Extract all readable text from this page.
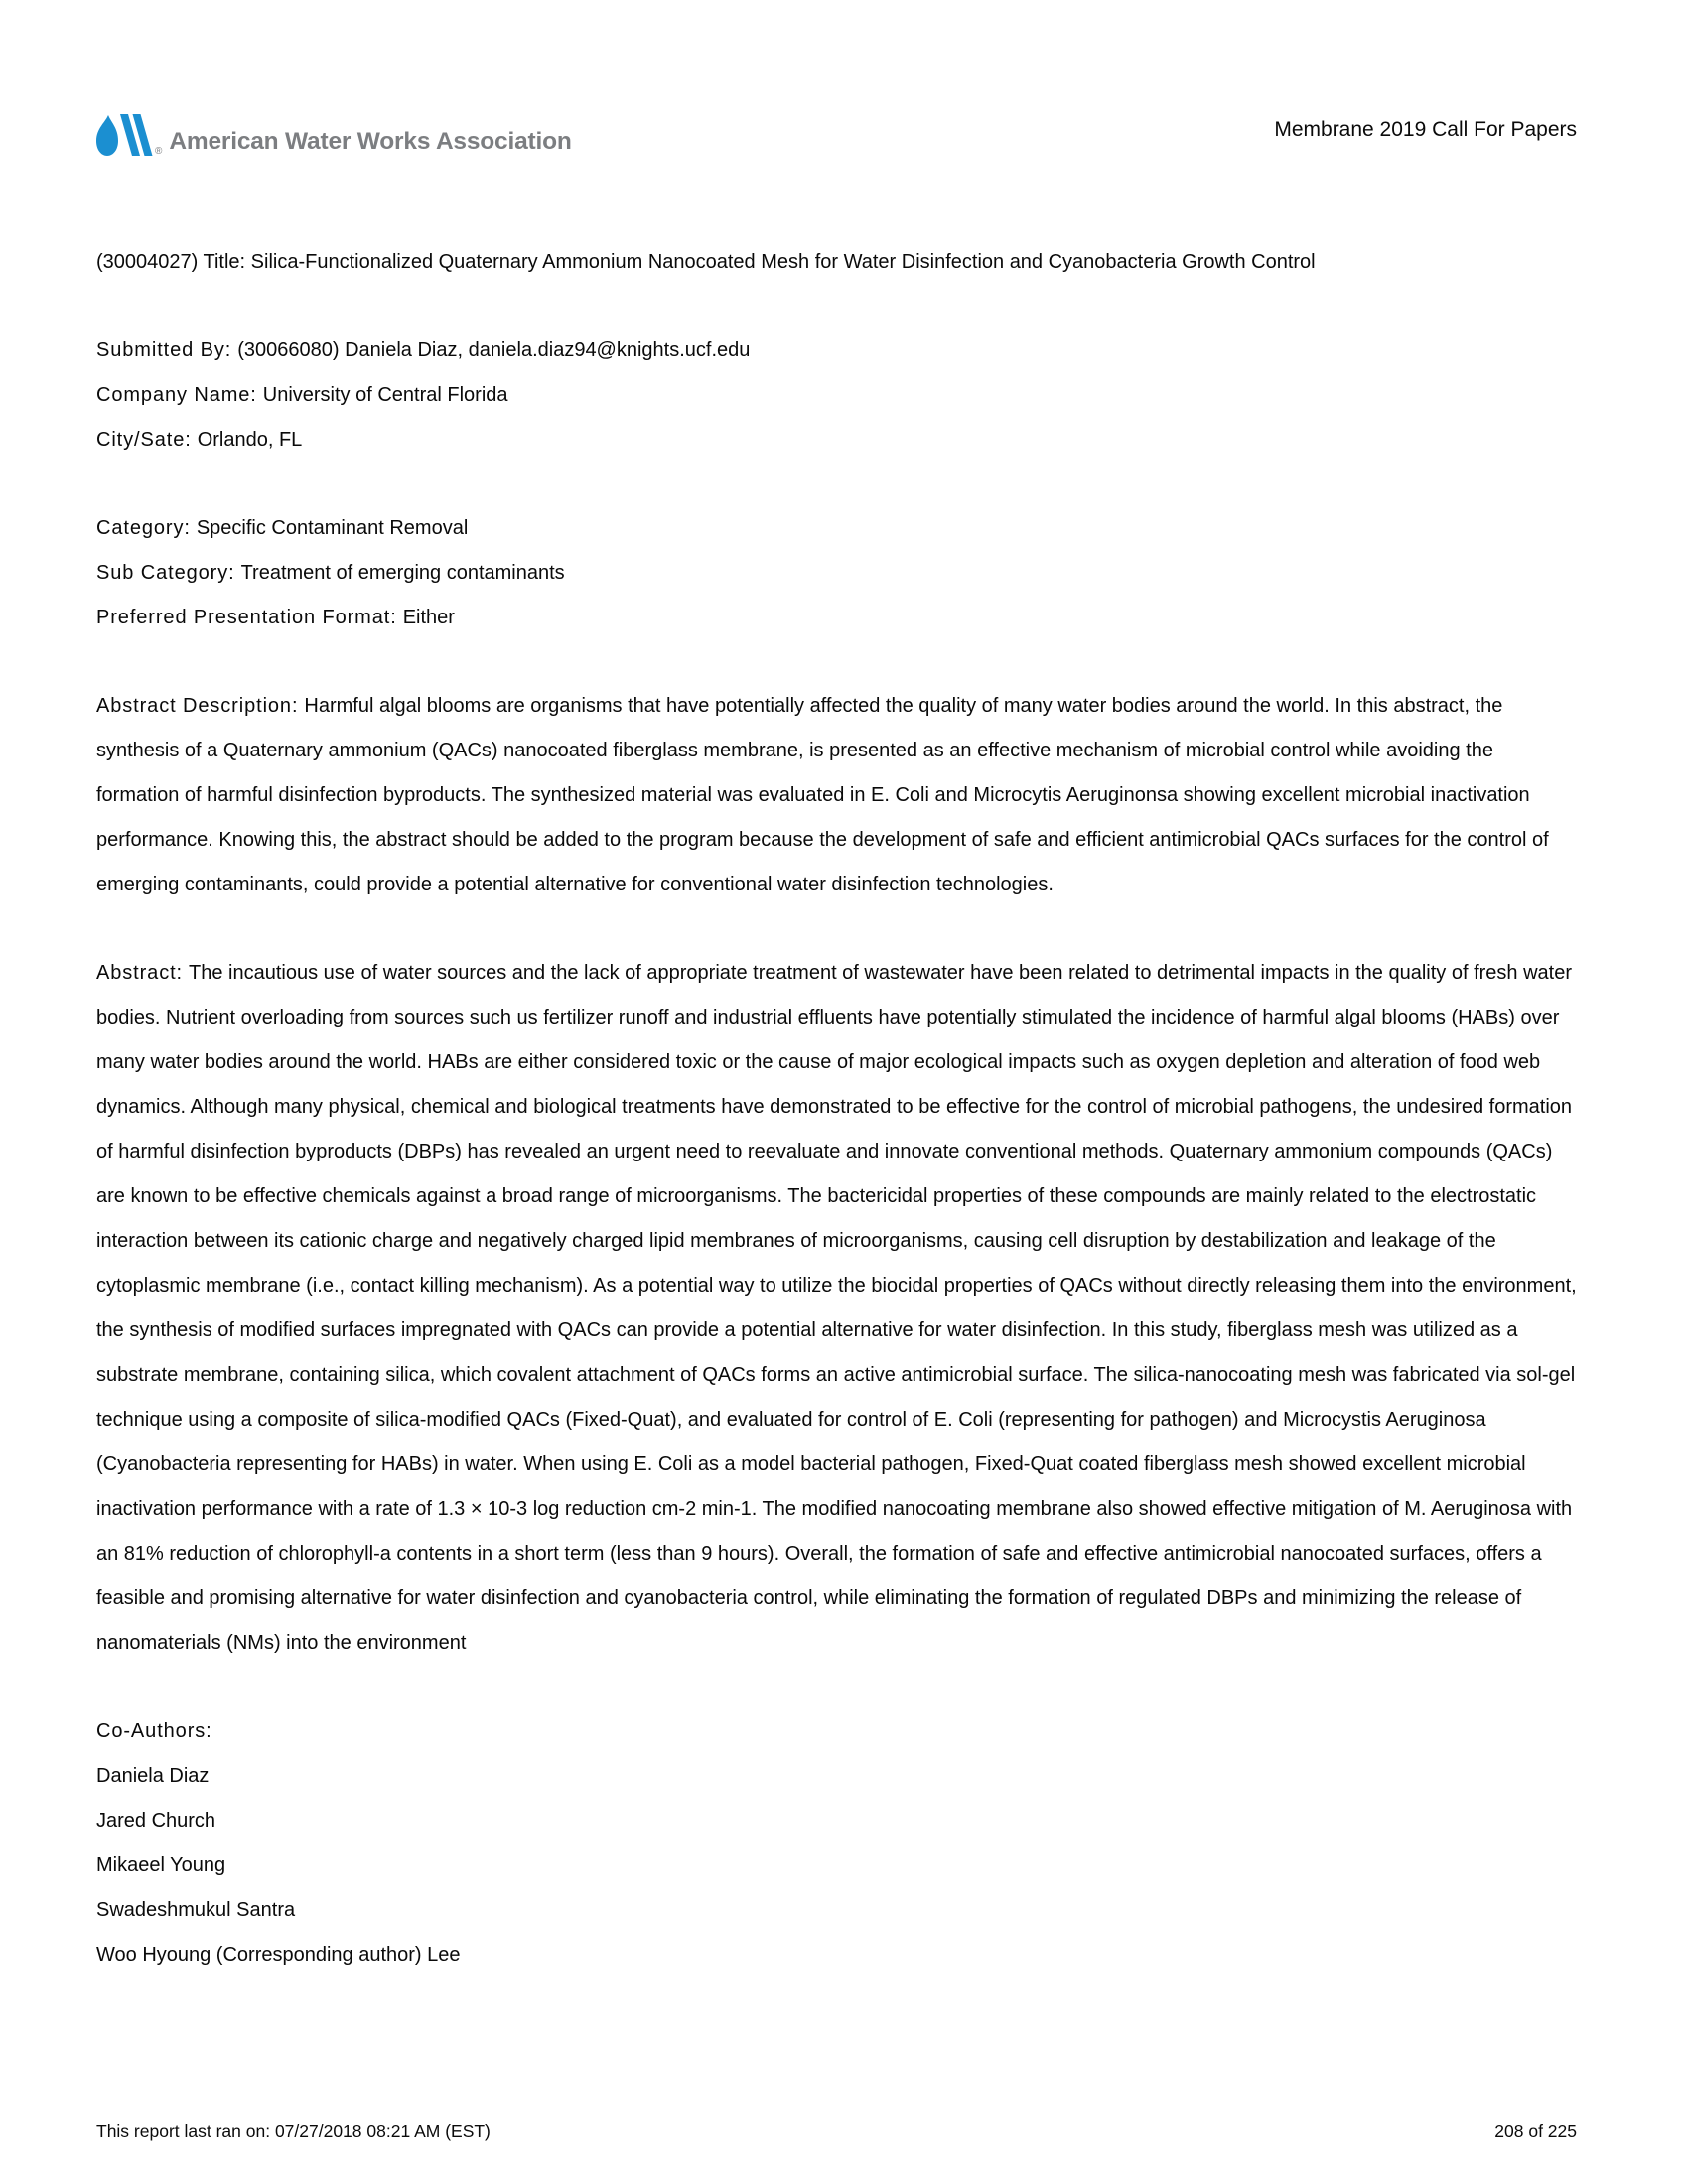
® American Water Works Association	Membrane 2019 Call For Papers
(30004027) Title: Silica-Functionalized Quaternary Ammonium Nanocoated Mesh for Water Disinfection and Cyanobacteria Growth Control
Submitted By: (30066080) Daniela Diaz, daniela.diaz94@knights.ucf.edu
Company Name: University of Central Florida
City/Sate: Orlando, FL
Category: Specific Contaminant Removal
Sub Category: Treatment of emerging contaminants
Preferred Presentation Format: Either
Abstract Description: Harmful algal blooms are organisms that have potentially affected the quality of many water bodies around the world. In this abstract, the synthesis of a Quaternary ammonium (QACs) nanocoated fiberglass membrane, is presented as an effective mechanism of microbial control while avoiding the formation of harmful disinfection byproducts. The synthesized material was evaluated in E. Coli and Microcytis Aeruginonsa showing excellent microbial inactivation performance. Knowing this, the abstract should be added to the program because the development of safe and efficient antimicrobial QACs surfaces for the control of emerging contaminants, could provide a potential alternative for conventional water disinfection technologies.
Abstract: The incautious use of water sources and the lack of appropriate treatment of wastewater have been related to detrimental impacts in the quality of fresh water bodies. Nutrient overloading from sources such us fertilizer runoff and industrial effluents have potentially stimulated the incidence of harmful algal blooms (HABs) over many water bodies around the world. HABs are either considered toxic or the cause of major ecological impacts such as oxygen depletion and alteration of food web dynamics. Although many physical, chemical and biological treatments have demonstrated to be effective for the control of microbial pathogens, the undesired formation of harmful disinfection byproducts (DBPs) has revealed an urgent need to reevaluate and innovate conventional methods. Quaternary ammonium compounds (QACs) are known to be effective chemicals against a broad range of microorganisms. The bactericidal properties of these compounds are mainly related to the electrostatic interaction between its cationic charge and negatively charged lipid membranes of microorganisms, causing cell disruption by destabilization and leakage of the cytoplasmic membrane (i.e., contact killing mechanism). As a potential way to utilize the biocidal properties of QACs without directly releasing them into the environment, the synthesis of modified surfaces impregnated with QACs can provide a potential alternative for water disinfection. In this study, fiberglass mesh was utilized as a substrate membrane, containing silica, which covalent attachment of QACs forms an active antimicrobial surface. The silica-nanocoating mesh was fabricated via sol-gel technique using a composite of silica-modified QACs (Fixed-Quat), and evaluated for control of E. Coli (representing for pathogen) and Microcystis Aeruginosa (Cyanobacteria representing for HABs) in water. When using E. Coli as a model bacterial pathogen, Fixed-Quat coated fiberglass mesh showed excellent microbial inactivation performance with a rate of 1.3 × 10-3 log reduction cm-2 min-1. The modified nanocoating membrane also showed effective mitigation of M. Aeruginosa with an 81% reduction of chlorophyll-a contents in a short term (less than 9 hours). Overall, the formation of safe and effective antimicrobial nanocoated surfaces, offers a feasible and promising alternative for water disinfection and cyanobacteria control, while eliminating the formation of regulated DBPs and minimizing the release of nanomaterials (NMs) into the environment
Co-Authors:
Daniela Diaz
Jared Church
Mikaeel Young
Swadeshmukul Santra
Woo Hyoung (Corresponding author) Lee
This report last ran on: 07/27/2018 08:21 AM (EST)	208 of 225
